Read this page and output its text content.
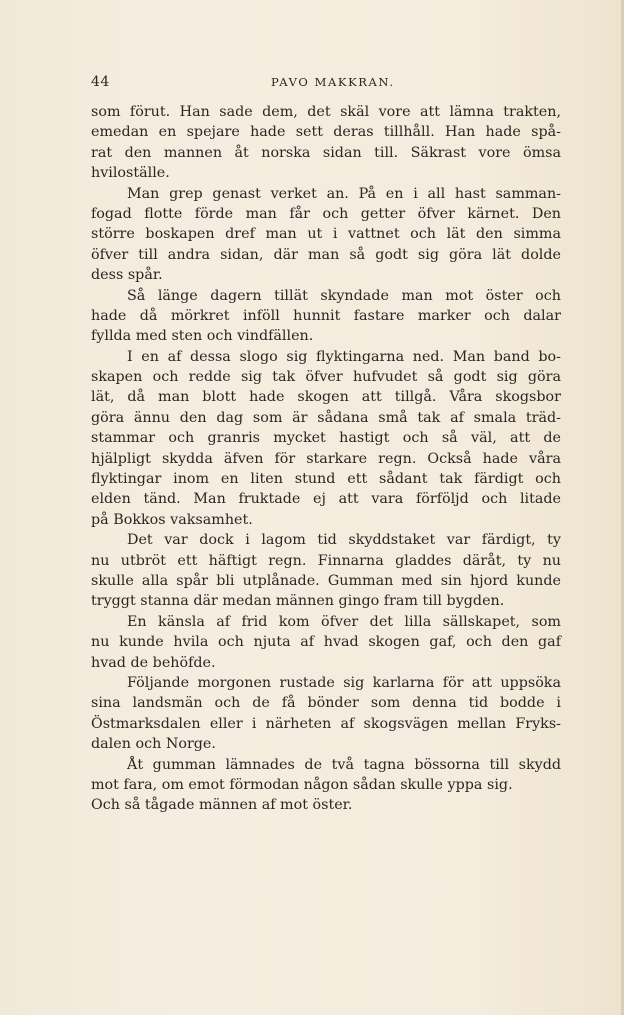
44	PAVO MAKKRAN.
som förut. Han sade dem, det skäl vore att lämna trakten,
emedan en spejare hade sett deras tillhåll. Han hade spå-
rat den mannen åt norska sidan till. Säkrast vore ömsa
hviloställe.
Man grep genast verket an. På en i all hast samman-
fogad flotte förde man får och getter öfver kärnet. Den
större boskapen dref man ut i vattnet och lät den simma
öfver till andra sidan, där man så godt sig göra lät dolde
dess spår.
Så länge dagern tillät skyndade man mot öster och
hade då mörkret inföll hunnit fastare marker och dalar
fyllda med sten och vindfällen.
I en af dessa slogo sig flyktingarna ned. Man band bo-
skapen och redde sig tak öfver hufvudet så godt sig göra
lät, då man blott hade skogen att tillgå. Våra skogsbor
göra ännu den dag som är sådana små tak af smala träd-
stammar och granris mycket hastigt och så väl, att de
hjälpligt skydda äfven för starkare regn. Också hade våra
flyktingar inom en liten stund ett sådant tak färdigt och
elden tänd. Man fruktade ej att vara förföljd och litade
på Bokkos vaksamhet.
Det var dock i lagom tid skyddstaket var färdigt, ty
nu utbröt ett häftigt regn. Finnarna gladdes däråt, ty nu
skulle alla spår bli utplånade. Gumman med sin hjord kunde
tryggt stanna där medan männen gingo fram till bygden.
En känsla af frid kom öfver det lilla sällskapet, som
nu kunde hvila och njuta af hvad skogen gaf, och den gaf
hvad de behöfde.
Följande morgonen rustade sig karlarna för att uppsöka
sina landsmän och de få bönder som denna tid bodde i
Östmarksdalen eller i närheten af skogsvägen mellan Fryks-
dalen och Norge.
Åt gumman lämnades de två tagna bössorna till skydd
mot fara, om emot förmodan någon sådan skulle yppa sig.
Och så tågade männen af mot öster.
